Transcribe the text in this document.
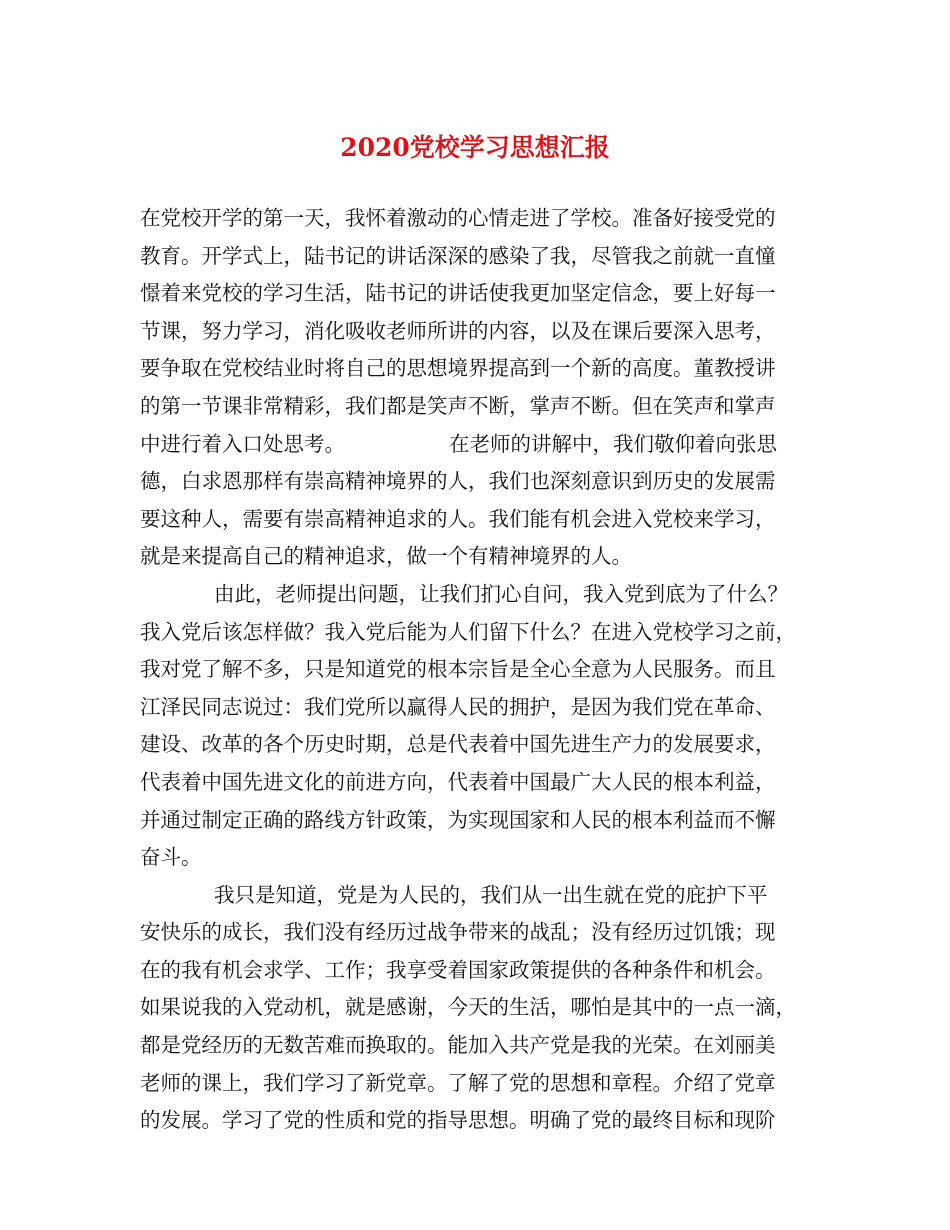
2020党校学习思想汇报
在党校开学的第一天，我怀着激动的心情走进了学校。准备好接受党的
教育。开学式上，陆书记的讲话深深的感染了我，尽管我之前就一直憧
憬着来党校的学习生活，陆书记的讲话使我更加坚定信念，要上好每一
节课，努力学习，消化吸收老师所讲的内容，以及在课后要深入思考，
要争取在党校结业时将自己的思想境界提高到一个新的高度。董教授讲
的第一节课非常精彩，我们都是笑声不断，掌声不断。但在笑声和掌声
中进行着入口处思考。	在老师的讲解中，我们敬仰着向张思
德，白求恩那样有崇高精神境界的人，我们也深刻意识到历史的发展需
要这种人，需要有崇高精神追求的人。我们能有机会进入党校来学习，
就是来提高自己的精神追求，做一个有精神境界的人。
由此，老师提出问题，让我们扪心自问，我入党到底为了什么？
我入党后该怎样做？我入党后能为人们留下什么？在进入党校学习之前，
我对党了解不多，只是知道党的根本宗旨是全心全意为人民服务。而且
江泽民同志说过：我们党所以赢得人民的拥护，是因为我们党在革命、
建设、改革的各个历史时期，总是代表着中国先进生产力的发展要求，
代表着中国先进文化的前进方向，代表着中国最广大人民的根本利益，
并通过制定正确的路线方针政策，为实现国家和人民的根本利益而不懈
奋斗。
我只是知道，党是为人民的，我们从一出生就在党的庇护下平
安快乐的成长，我们没有经历过战争带来的战乱；没有经历过饥饿；现
在的我有机会求学、工作；我享受着国家政策提供的各种条件和机会。
如果说我的入党动机，就是感谢，今天的生活，哪怕是其中的一点一滴，
都是党经历的无数苦难而换取的。能加入共产党是我的光荣。在刘丽美
老师的课上，我们学习了新党章。了解了党的思想和章程。介绍了党章
的发展。学习了党的性质和党的指导思想。明确了党的最终目标和现阶
